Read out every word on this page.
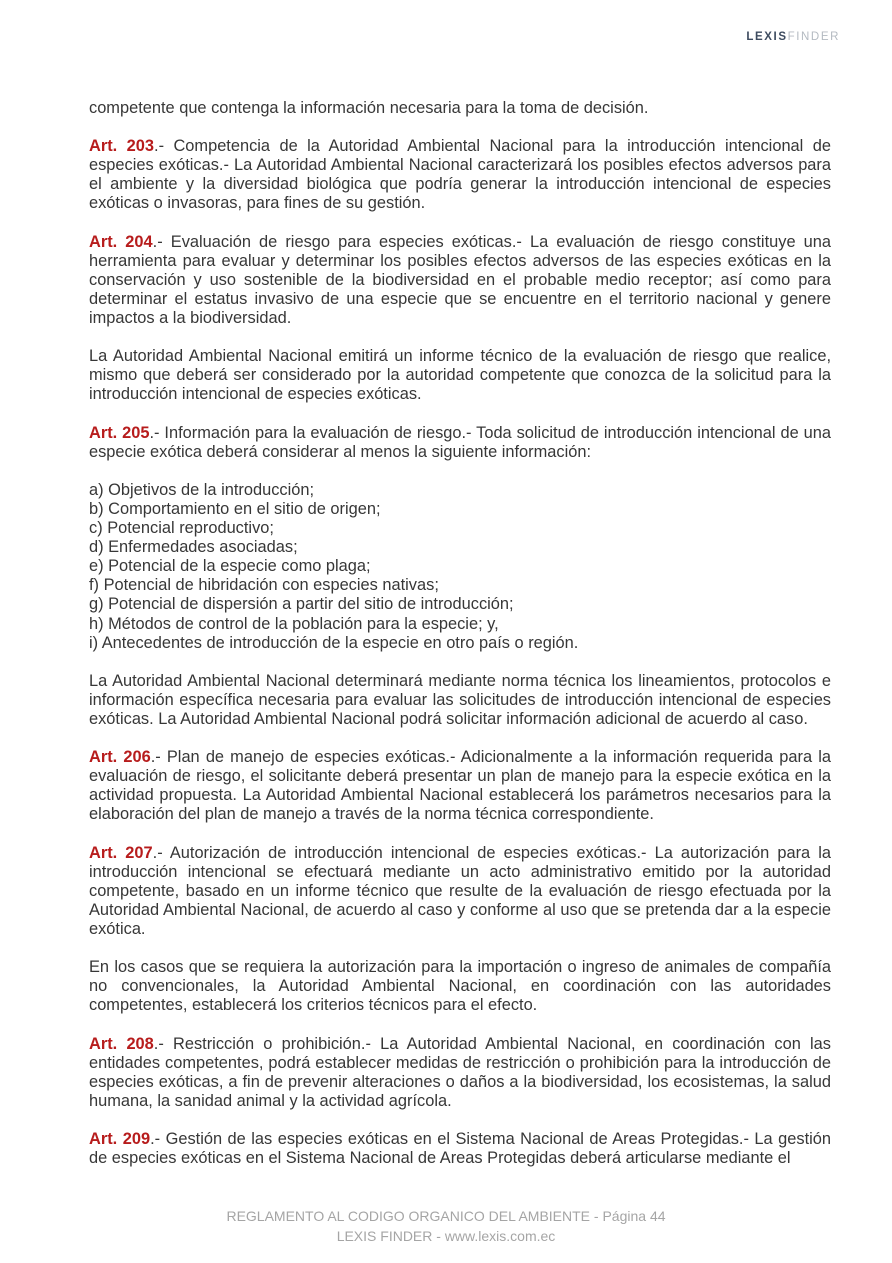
LEXISFINDER

competente que contenga la información necesaria para la toma de decisión.

Art. 203.- Competencia de la Autoridad Ambiental Nacional para la introducción intencional de especies exóticas.- La Autoridad Ambiental Nacional caracterizará los posibles efectos adversos para el ambiente y la diversidad biológica que podría generar la introducción intencional de especies exóticas o invasoras, para fines de su gestión.

Art. 204.- Evaluación de riesgo para especies exóticas.- La evaluación de riesgo constituye una herramienta para evaluar y determinar los posibles efectos adversos de las especies exóticas en la conservación y uso sostenible de la biodiversidad en el probable medio receptor; así como para determinar el estatus invasivo de una especie que se encuentre en el territorio nacional y genere impactos a la biodiversidad.

La Autoridad Ambiental Nacional emitirá un informe técnico de la evaluación de riesgo que realice, mismo que deberá ser considerado por la autoridad competente que conozca de la solicitud para la introducción intencional de especies exóticas.

Art. 205.- Información para la evaluación de riesgo.- Toda solicitud de introducción intencional de una especie exótica deberá considerar al menos la siguiente información:

a) Objetivos de la introducción;
b) Comportamiento en el sitio de origen;
c) Potencial reproductivo;
d) Enfermedades asociadas;
e) Potencial de la especie como plaga;
f) Potencial de hibridación con especies nativas;
g) Potencial de dispersión a partir del sitio de introducción;
h) Métodos de control de la población para la especie; y,
i) Antecedentes de introducción de la especie en otro país o región.

La Autoridad Ambiental Nacional determinará mediante norma técnica los lineamientos, protocolos e información específica necesaria para evaluar las solicitudes de introducción intencional de especies exóticas. La Autoridad Ambiental Nacional podrá solicitar información adicional de acuerdo al caso.

Art. 206.- Plan de manejo de especies exóticas.- Adicionalmente a la información requerida para la evaluación de riesgo, el solicitante deberá presentar un plan de manejo para la especie exótica en la actividad propuesta. La Autoridad Ambiental Nacional establecerá los parámetros necesarios para la elaboración del plan de manejo a través de la norma técnica correspondiente.

Art. 207.- Autorización de introducción intencional de especies exóticas.- La autorización para la introducción intencional se efectuará mediante un acto administrativo emitido por la autoridad competente, basado en un informe técnico que resulte de la evaluación de riesgo efectuada por la Autoridad Ambiental Nacional, de acuerdo al caso y conforme al uso que se pretenda dar a la especie exótica.

En los casos que se requiera la autorización para la importación o ingreso de animales de compañía no convencionales, la Autoridad Ambiental Nacional, en coordinación con las autoridades competentes, establecerá los criterios técnicos para el efecto.

Art. 208.- Restricción o prohibición.- La Autoridad Ambiental Nacional, en coordinación con las entidades competentes, podrá establecer medidas de restricción o prohibición para la introducción de especies exóticas, a fin de prevenir alteraciones o daños a la biodiversidad, los ecosistemas, la salud humana, la sanidad animal y la actividad agrícola.

Art. 209.- Gestión de las especies exóticas en el Sistema Nacional de Areas Protegidas.- La gestión de especies exóticas en el Sistema Nacional de Areas Protegidas deberá articularse mediante el

REGLAMENTO AL CODIGO ORGANICO DEL AMBIENTE - Página 44
LEXIS FINDER - www.lexis.com.ec
